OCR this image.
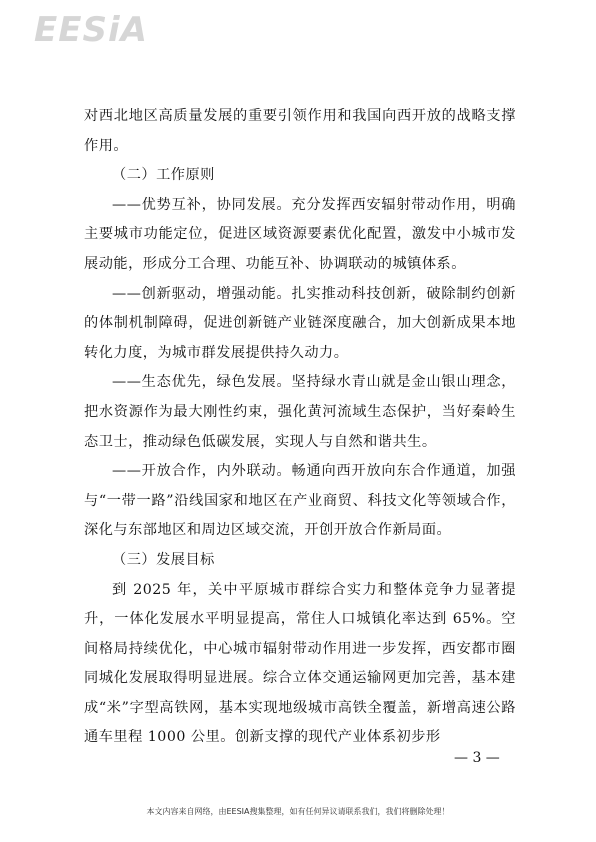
EESiA

对西北地区高质量发展的重要引领作用和我国向西开放的战略支撑作用。

（二）工作原则

——优势互补，协同发展。充分发挥西安辐射带动作用，明确主要城市功能定位，促进区域资源要素优化配置，激发中小城市发展动能，形成分工合理、功能互补、协调联动的城镇体系。

——创新驱动，增强动能。扎实推动科技创新，破除制约创新的体制机制障碍，促进创新链产业链深度融合，加大创新成果本地转化力度，为城市群发展提供持久动力。

——生态优先，绿色发展。坚持绿水青山就是金山银山理念，把水资源作为最大刚性约束，强化黄河流域生态保护，当好秦岭生态卫士，推动绿色低碳发展，实现人与自然和谐共生。

——开放合作，内外联动。畅通向西开放向东合作通道，加强与“一带一路”沿线国家和地区在产业商贸、科技文化等领域合作，深化与东部地区和周边区域交流，开创开放合作新局面。

（三）发展目标

到 2025 年，关中平原城市群综合实力和整体竞争力显著提升，一体化发展水平明显提高，常住人口城镇化率达到 65%。空间格局持续优化，中心城市辐射带动作用进一步发挥，西安都市圈同城化发展取得明显进展。综合立体交通运输网更加完善，基本建成“米”字型高铁网，基本实现地级城市高铁全覆盖，新增高速公路通车里程 1000 公里。创新支撑的现代产业体系初步形

— 3 —

本文内容来自网络，由EESIA搜集整理，如有任何异议请联系我们，我们将删除处理！
